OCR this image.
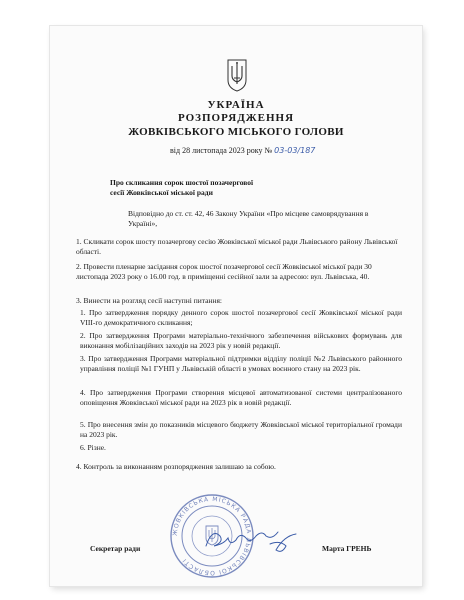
УКРАЇНА
РОЗПОРЯДЖЕННЯ
ЖОВКІВСЬКОГО МІСЬКОГО ГОЛОВИ
від 28 листопада 2023 року № 03-03/187
Про скликання сорок шостої позачергової
сесії Жовківської міської ради
Відповідно до ст. ст. 42, 46 Закону України «Про місцеве самоврядування в Україні»,
1. Скликати сорок шосту позачергову сесію Жовківської міської ради Львівського району Львівської області.
2. Провести пленарне засідання сорок шостої позачергової сесії Жовківської міської ради 30 листопада 2023 року о 16.00 год. в приміщенні сесійної зали за адресою: вул. Львівська, 40.
3. Винести на розгляд сесії наступні питання:
1. Про затвердження порядку денного сорок шостої позачергової сесії Жовківської міської ради VIII-го демократичного скликання;
2. Про затвердження Програми матеріально-технічного забезпечення військових формувань для виконання мобілізаційних заходів на 2023 рік у новій редакції.
3. Про затвердження Програми матеріальної підтримки відділу поліції №2 Львівського районного управління поліції №1 ГУНП у Львівській області в умовах воєнного стану на 2023 рік.
4. Про затвердження Програми створення місцевої автоматизованої системи централізованого оповіщення Жовківської міської ради на 2023 рік в новій редакції.
5. Про внесення змін до показників місцевого бюджету Жовківської міської територіальної громади на 2023 рік.
6. Різне.
4. Контроль за виконанням розпорядження залишаю за собою.
ЖОВКІВСЬКА МІСЬКА РАДА ЛЬВІВСЬКОЇ ОБЛАСТІ
Секретар ради	Марта ГРЕНЬ
